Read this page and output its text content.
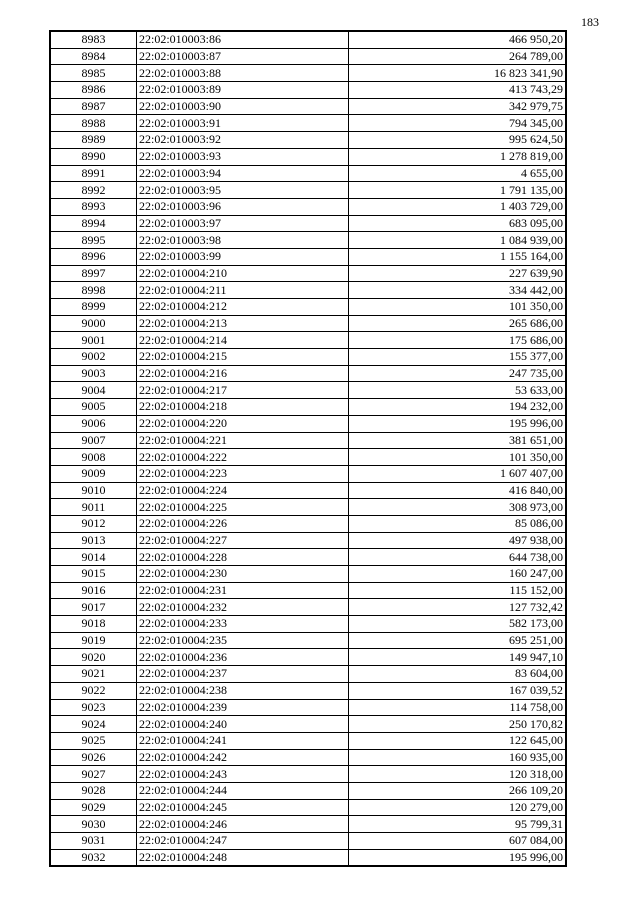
183
8983	22:02:010003:86	466 950,20
8984	22:02:010003:87	264 789,00
8985	22:02:010003:88	16 823 341,90
8986	22:02:010003:89	413 743,29
8987	22:02:010003:90	342 979,75
8988	22:02:010003:91	794 345,00
8989	22:02:010003:92	995 624,50
8990	22:02:010003:93	1 278 819,00
8991	22:02:010003:94	4 655,00
8992	22:02:010003:95	1 791 135,00
8993	22:02:010003:96	1 403 729,00
8994	22:02:010003:97	683 095,00
8995	22:02:010003:98	1 084 939,00
8996	22:02:010003:99	1 155 164,00
8997	22:02:010004:210	227 639,90
8998	22:02:010004:211	334 442,00
8999	22:02:010004:212	101 350,00
9000	22:02:010004:213	265 686,00
9001	22:02:010004:214	175 686,00
9002	22:02:010004:215	155 377,00
9003	22:02:010004:216	247 735,00
9004	22:02:010004:217	53 633,00
9005	22:02:010004:218	194 232,00
9006	22:02:010004:220	195 996,00
9007	22:02:010004:221	381 651,00
9008	22:02:010004:222	101 350,00
9009	22:02:010004:223	1 607 407,00
9010	22:02:010004:224	416 840,00
9011	22:02:010004:225	308 973,00
9012	22:02:010004:226	85 086,00
9013	22:02:010004:227	497 938,00
9014	22:02:010004:228	644 738,00
9015	22:02:010004:230	160 247,00
9016	22:02:010004:231	115 152,00
9017	22:02:010004:232	127 732,42
9018	22:02:010004:233	582 173,00
9019	22:02:010004:235	695 251,00
9020	22:02:010004:236	149 947,10
9021	22:02:010004:237	83 604,00
9022	22:02:010004:238	167 039,52
9023	22:02:010004:239	114 758,00
9024	22:02:010004:240	250 170,82
9025	22:02:010004:241	122 645,00
9026	22:02:010004:242	160 935,00
9027	22:02:010004:243	120 318,00
9028	22:02:010004:244	266 109,20
9029	22:02:010004:245	120 279,00
9030	22:02:010004:246	95 799,31
9031	22:02:010004:247	607 084,00
9032	22:02:010004:248	195 996,00
